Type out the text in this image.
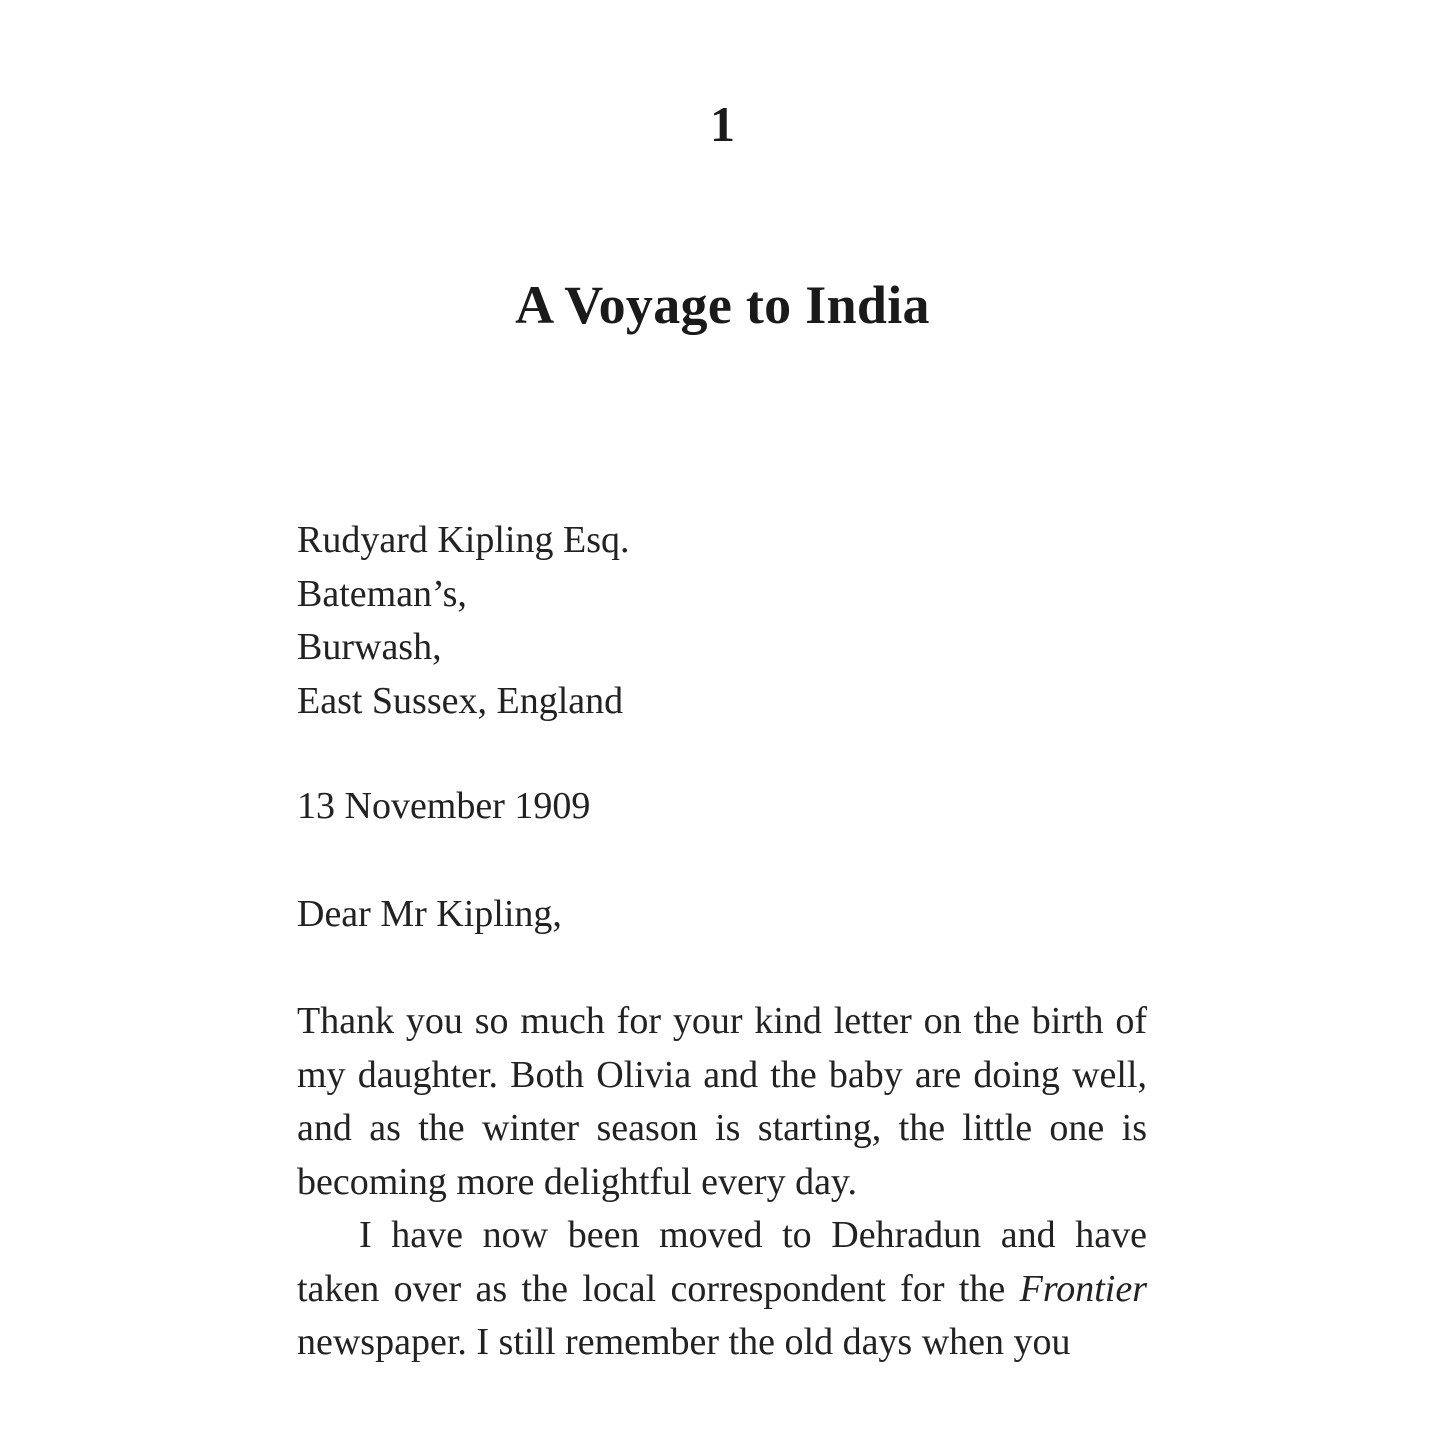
1
A Voyage to India
Rudyard Kipling Esq.
Bateman’s,
Burwash,
East Sussex, England
13 November 1909
Dear Mr Kipling,

Thank you so much for your kind letter on the birth of my daughter. Both Olivia and the baby are doing well, and as the winter season is starting, the little one is becoming more delightful every day.

I have now been moved to Dehradun and have taken over as the local correspondent for the Frontier newspaper. I still remember the old days when you
